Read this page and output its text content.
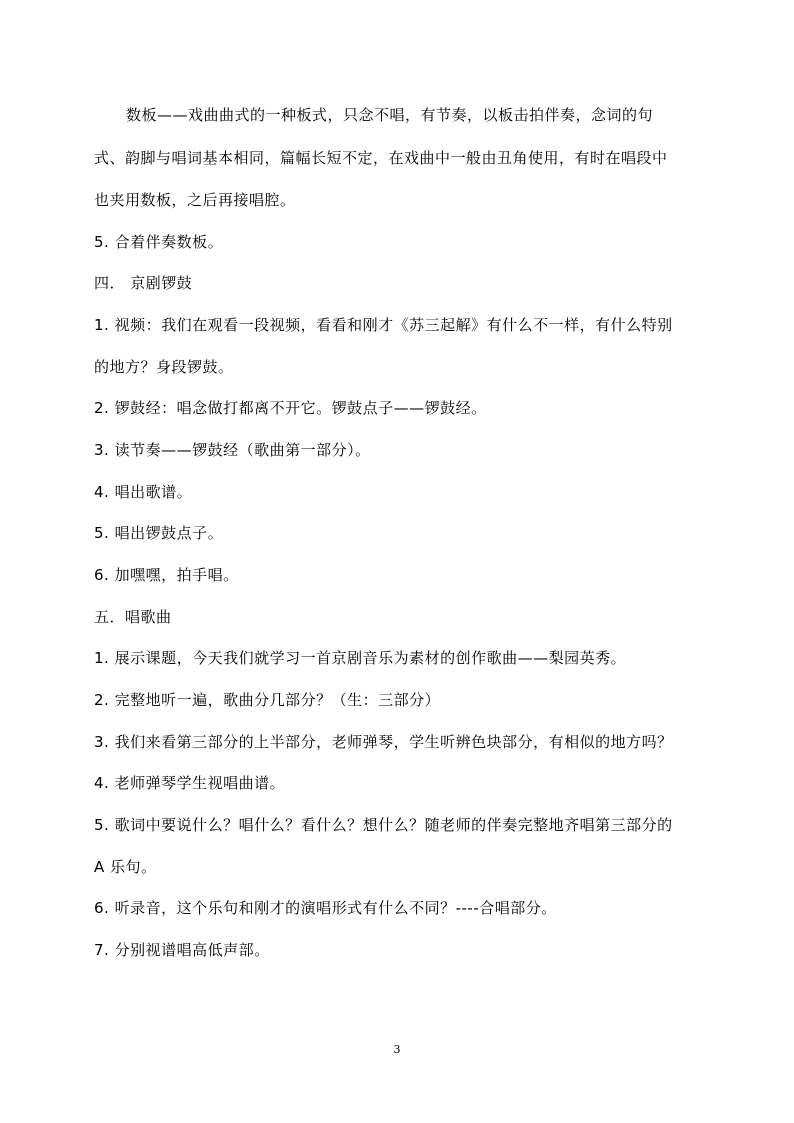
数板——戏曲曲式的一种板式，只念不唱，有节奏，以板击拍伴奏，念词的句
式、韵脚与唱词基本相同，篇幅长短不定，在戏曲中一般由丑角使用，有时在唱段中
也夹用数板，之后再接唱腔。
5. 合着伴奏数板。
四． 京剧锣鼓
1. 视频：我们在观看一段视频，看看和刚才《苏三起解》有什么不一样，有什么特别
的地方？身段锣鼓。
2. 锣鼓经：唱念做打都离不开它。锣鼓点子——锣鼓经。
3. 读节奏——锣鼓经（歌曲第一部分）。
4. 唱出歌谱。
5. 唱出锣鼓点子。
6. 加嘿嘿，拍手唱。
五．唱歌曲
1. 展示课题，今天我们就学习一首京剧音乐为素材的创作歌曲——梨园英秀。
2. 完整地听一遍，歌曲分几部分？（生：三部分）
3. 我们来看第三部分的上半部分，老师弹琴，学生听辨色块部分，有相似的地方吗？
4. 老师弹琴学生视唱曲谱。
5. 歌词中要说什么？唱什么？看什么？想什么？随老师的伴奏完整地齐唱第三部分的
A 乐句。
6. 听录音，这个乐句和刚才的演唱形式有什么不同？----合唱部分。
7. 分别视谱唱高低声部。
3
